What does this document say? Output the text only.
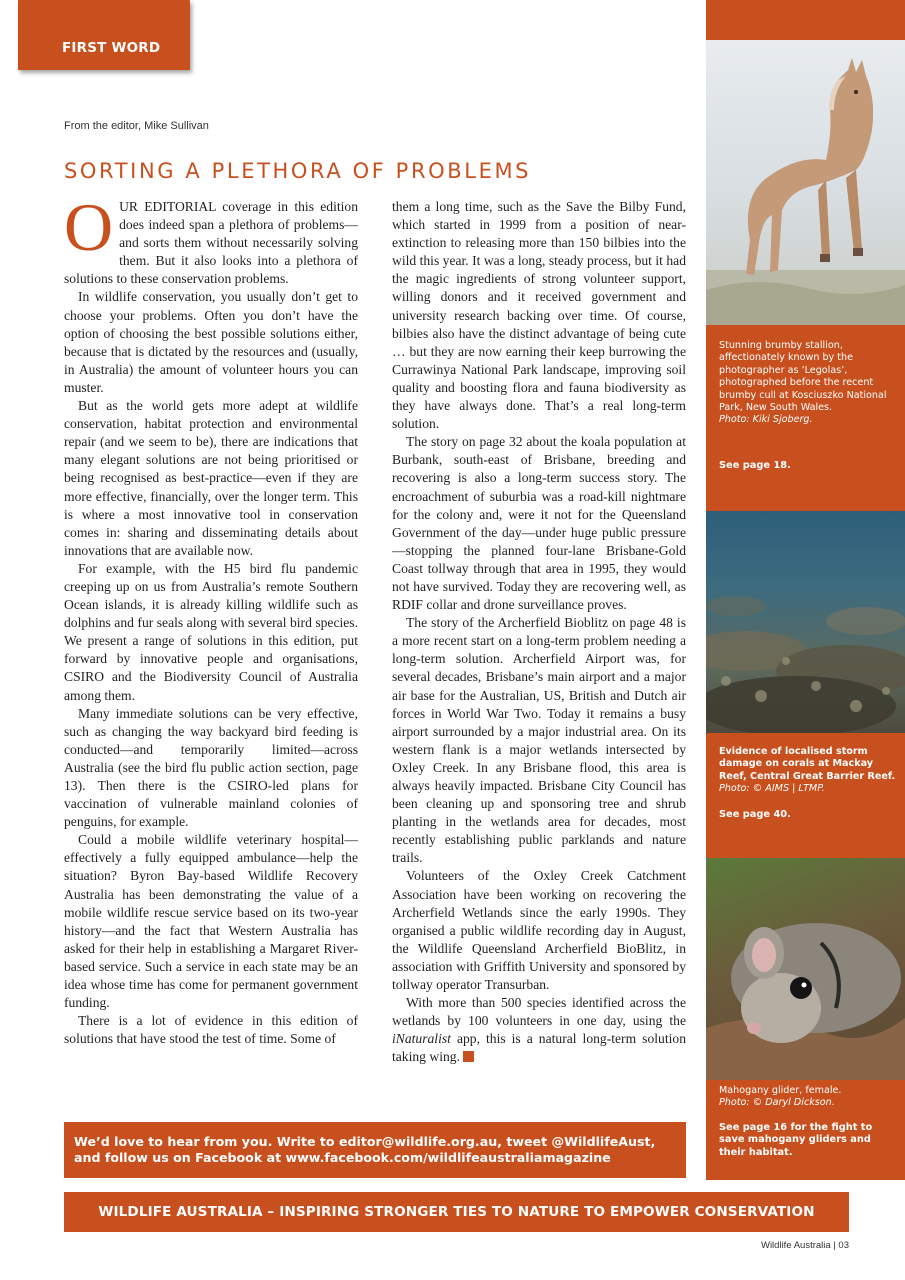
FIRST WORD
From the editor, Mike Sullivan
SORTING A PLETHORA OF PROBLEMS

OUR EDITORIAL coverage in this edition does indeed span a plethora of problems—and sorts them without necessarily solving them. But it also looks into a plethora of solutions to these conservation problems.

In wildlife conservation, you usually don’t get to choose your problems. Often you don’t have the option of choosing the best possible solutions either, because that is dictated by the resources and (usually, in Australia) the amount of volunteer hours you can muster.

But as the world gets more adept at wildlife conservation, habitat protection and environmental repair (and we seem to be), there are indications that many elegant solutions are not being prioritised or being recognised as best-practice—even if they are more effective, financially, over the longer term. This is where a most innovative tool in conservation comes in: sharing and disseminating details about innovations that are available now.

For example, with the H5 bird flu pandemic creeping up on us from Australia’s remote Southern Ocean islands, it is already killing wildlife such as dolphins and fur seals along with several bird species. We present a range of solutions in this edition, put forward by innovative people and organisations, CSIRO and the Biodiversity Council of Australia among them.

Many immediate solutions can be very effective, such as changing the way backyard bird feeding is conducted—and temporarily limited—across Australia (see the bird flu public action section, page 13). Then there is the CSIRO-led plans for vaccination of vulnerable mainland colonies of penguins, for example.

Could a mobile wildlife veterinary hospital—effectively a fully equipped ambulance—help the situation? Byron Bay-based Wildlife Recovery Australia has been demonstrating the value of a mobile wildlife rescue service based on its two-year history—and the fact that Western Australia has asked for their help in establishing a Margaret River-based service. Such a service in each state may be an idea whose time has come for permanent government funding.

There is a lot of evidence in this edition of solutions that have stood the test of time. Some of

them a long time, such as the Save the Bilby Fund, which started in 1999 from a position of near-extinction to releasing more than 150 bilbies into the wild this year. It was a long, steady process, but it had the magic ingredients of strong volunteer support, willing donors and it received government and university research backing over time. Of course, bilbies also have the distinct advantage of being cute … but they are now earning their keep burrowing the Currawinya National Park landscape, improving soil quality and boosting flora and fauna biodiversity as they have always done. That’s a real long-term solution.

The story on page 32 about the koala population at Burbank, south-east of Brisbane, breeding and recovering is also a long-term success story. The encroachment of suburbia was a road-kill nightmare for the colony and, were it not for the Queensland Government of the day—under huge public pressure—stopping the planned four-lane Brisbane-Gold Coast tollway through that area in 1995, they would not have survived. Today they are recovering well, as RDIF collar and drone surveillance proves.

The story of the Archerfield Bioblitz on page 48 is a more recent start on a long-term problem needing a long-term solution. Archerfield Airport was, for several decades, Brisbane’s main airport and a major air base for the Australian, US, British and Dutch air forces in World War Two. Today it remains a busy airport surrounded by a major industrial area. On its western flank is a major wetlands intersected by Oxley Creek. In any Brisbane flood, this area is always heavily impacted. Brisbane City Council has been cleaning up and sponsoring tree and shrub planting in the wetlands area for decades, most recently establishing public parklands and nature trails.

Volunteers of the Oxley Creek Catchment Association have been working on recovering the Archerfield Wetlands since the early 1990s. They organised a public wildlife recording day in August, the Wildlife Queensland Archerfield BioBlitz, in association with Griffith University and sponsored by tollway operator Transurban.

With more than 500 species identified across the wetlands by 100 volunteers in one day, using the iNaturalist app, this is a natural long-term solution taking wing.

Stunning brumby stallion, affectionately known by the photographer as ‘Legolas’, photographed before the recent brumby cull at Kosciuszko National Park, New South Wales.
Photo: Kiki Sjoberg.
See page 18.
Evidence of localised storm damage on corals at Mackay Reef, Central Great Barrier Reef. Photo: © AIMS | LTMP.
See page 40.
Mahogany glider, female.
Photo: © Daryl Dickson.
See page 16 for the fight to save mahogany gliders and their habitat.
We’d love to hear from you. Write to editor@wildlife.org.au, tweet @WildlifeAust,
and follow us on Facebook at www.facebook.com/wildlifeaustraliamagazine
WILDLIFE AUSTRALIA – INSPIRING STRONGER TIES TO NATURE TO EMPOWER CONSERVATION
Wildlife Australia | 03
